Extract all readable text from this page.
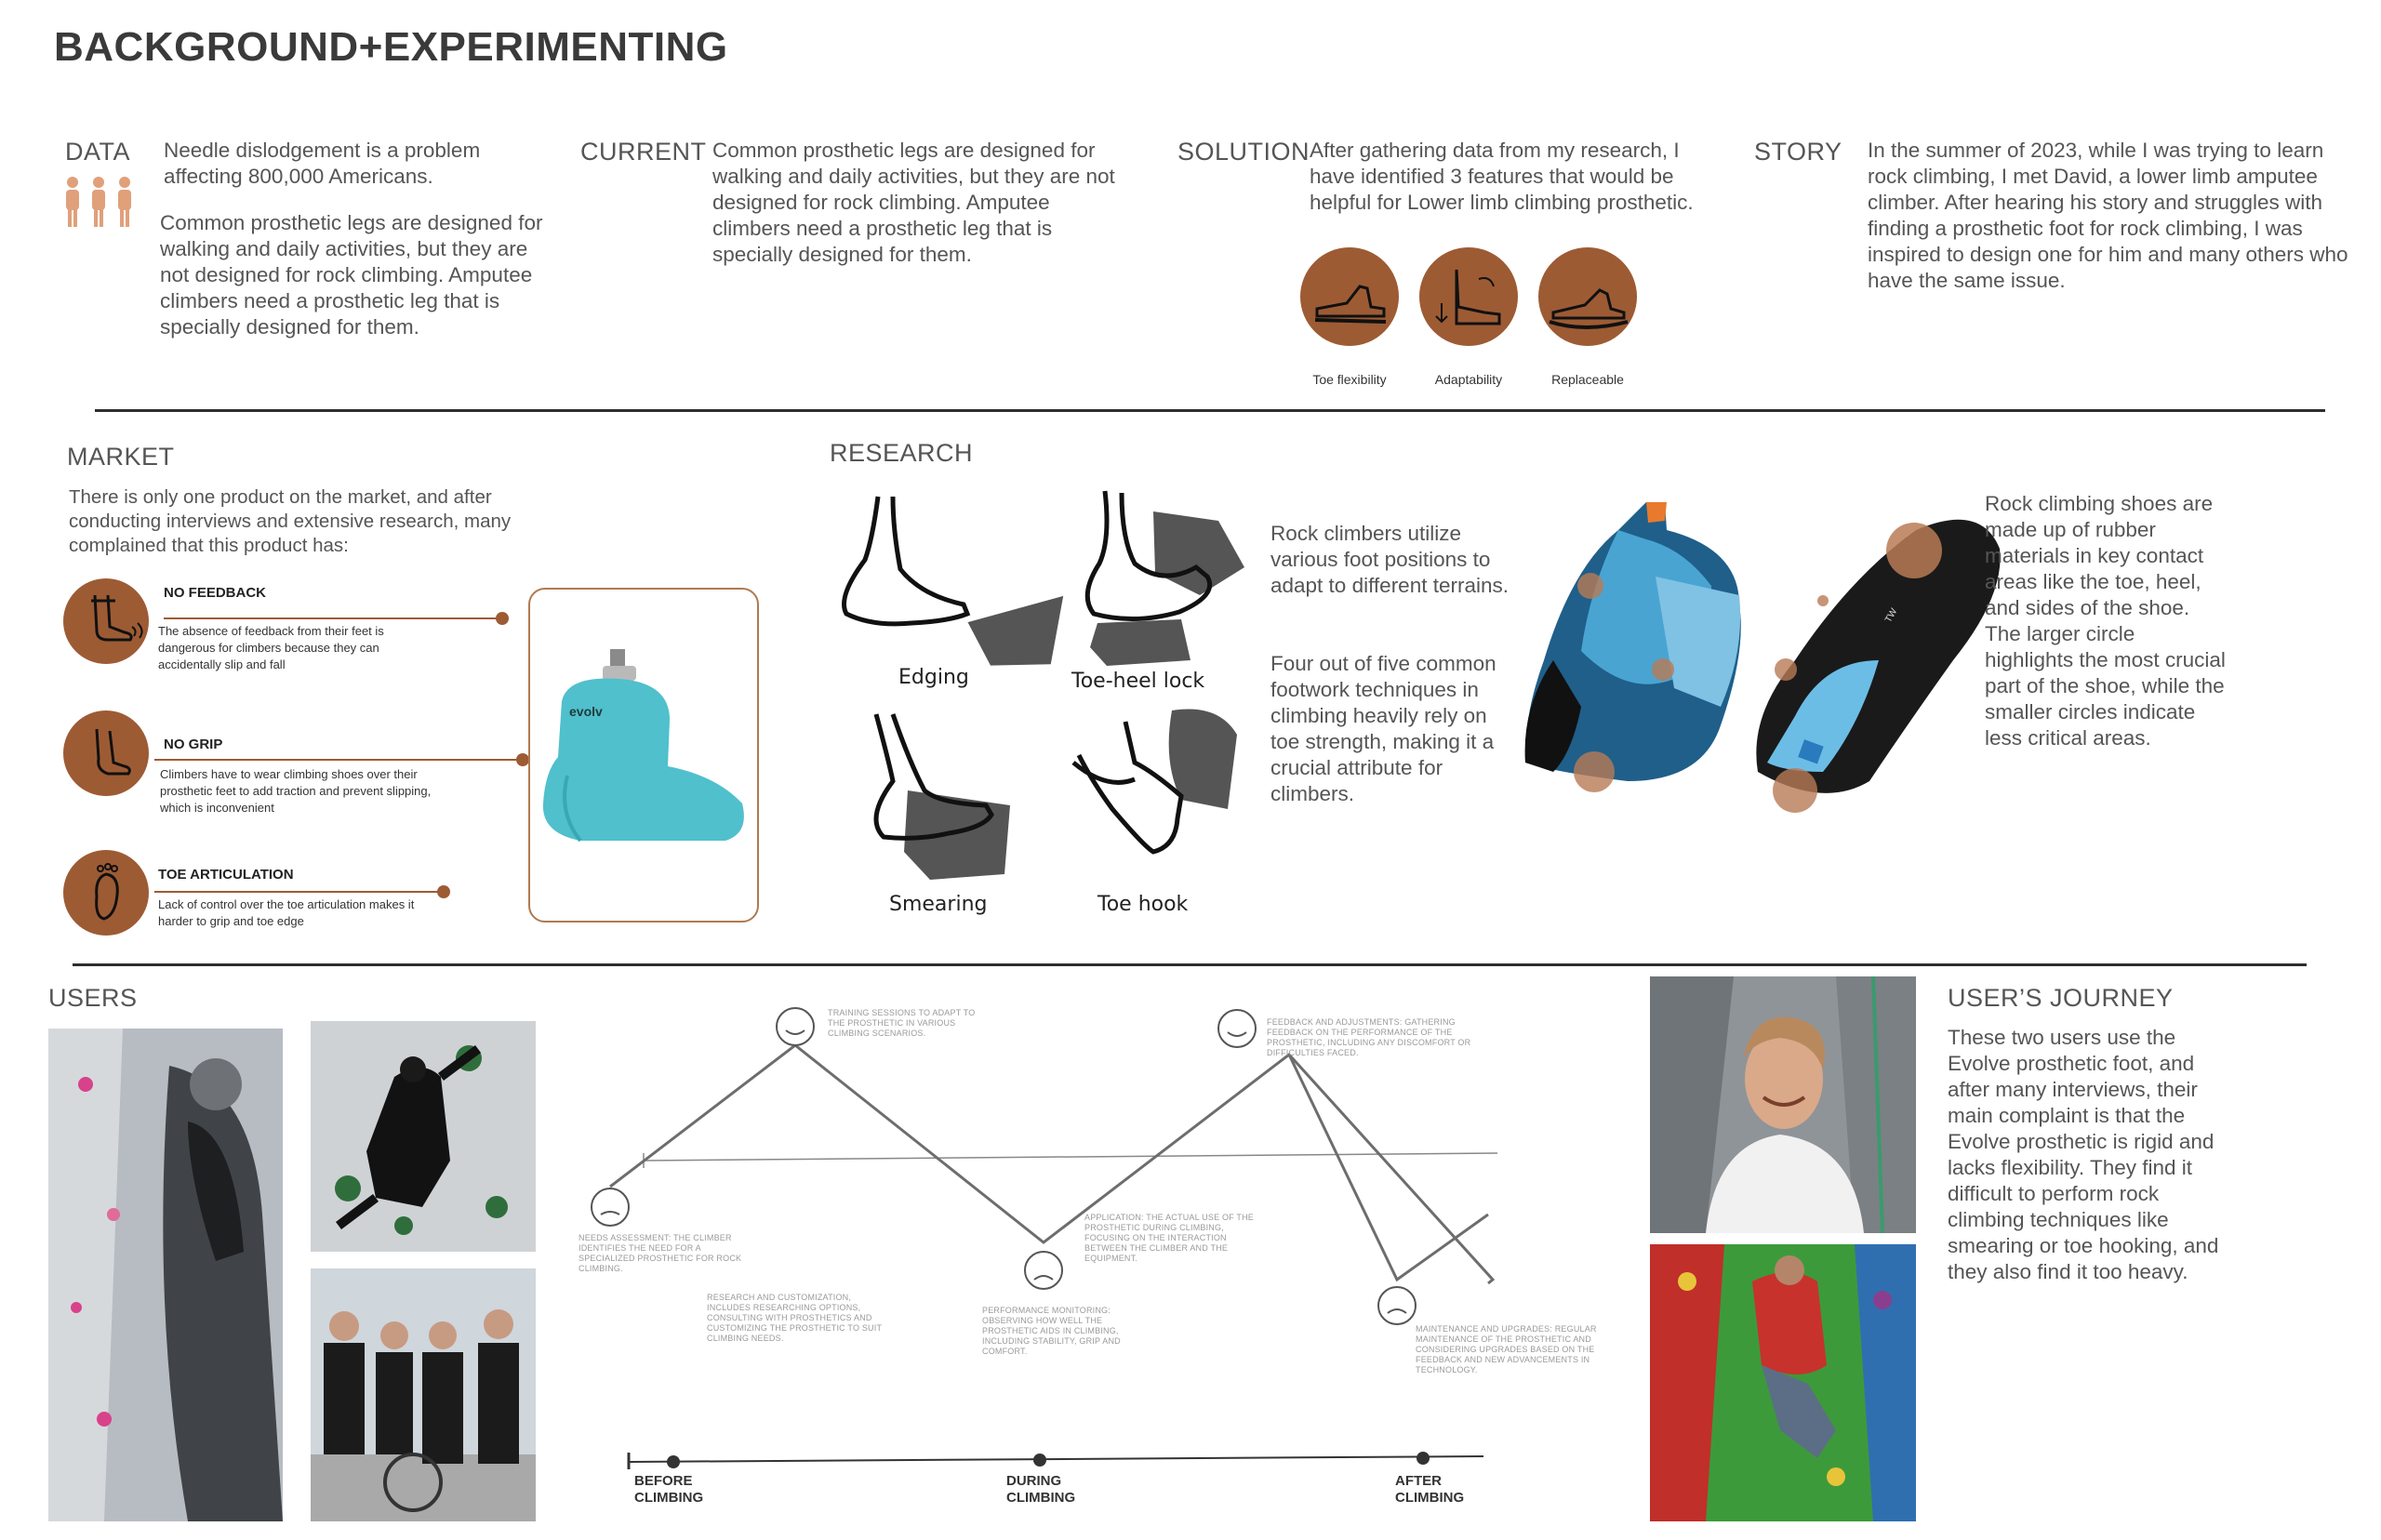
BACKGROUND+EXPERIMENTING
DATA Needle dislodgement is a problem affecting 800,000 Americans.
Common prosthetic legs are designed for walking and daily activities, but they are not designed for rock climbing. Amputee climbers need a prosthetic leg that is specially designed for them.
CURRENT Common prosthetic legs are designed for walking and daily activities, but they are not designed for rock climbing. Amputee climbers need a prosthetic leg that is specially designed for them.
SOLUTION After gathering data from my research, I have identified 3 features that would be helpful for Lower limb climbing prosthetic.
Toe flexibility	Adaptability	Replaceable
STORY In the summer of 2023, while I was trying to learn rock climbing, I met David, a lower limb amputee climber. After hearing his story and struggles with finding a prosthetic foot for rock climbing, I was inspired to design one for him and many others who have the same issue.
MARKET
There is only one product on the market, and after conducting interviews and extensive research, many complained that this product has:
NO FEEDBACK
The absence of feedback from their feet is dangerous for climbers because they can accidentally slip and fall
NO GRIP
Climbers have to wear climbing shoes over their prosthetic feet to add traction and prevent slipping, which is inconvenient
TOE ARTICULATION
Lack of control over the toe articulation makes it harder to grip and toe edge
evolv
RESEARCH
Edging	Toe-heel lock
Smearing	Toe hook
Rock climbers utilize various foot positions to adapt to different terrains.
Four out of five common footwork techniques in climbing heavily rely on toe strength, making it a crucial attribute for climbers.
TW
Rock climbing shoes are made up of rubber materials in key contact areas like the toe, heel, and sides of the shoe. The larger circle highlights the most crucial part of the shoe, while the smaller circles indicate less critical areas.
USERS
NEEDS ASSESSMENT: THE CLIMBER IDENTIFIES THE NEED FOR A SPECIALIZED PROSTHETIC FOR ROCK CLIMBING.
TRAINING SESSIONS TO ADAPT TO THE PROSTHETIC IN VARIOUS CLIMBING SCENARIOS.
RESEARCH AND CUSTOMIZATION, INCLUDES RESEARCHING OPTIONS, CONSULTING WITH PROSTHETICS AND CUSTOMIZING THE PROSTHETIC TO SUIT CLIMBING NEEDS.
APPLICATION: THE ACTUAL USE OF THE PROSTHETIC DURING CLIMBING, FOCUSING ON THE INTERACTION BETWEEN THE CLIMBER AND THE EQUIPMENT.
PERFORMANCE MONITORING: OBSERVING HOW WELL THE PROSTHETIC AIDS IN CLIMBING, INCLUDING STABILITY, GRIP AND COMFORT.
FEEDBACK AND ADJUSTMENTS: GATHERING FEEDBACK ON THE PERFORMANCE OF THE PROSTHETIC, INCLUDING ANY DISCOMFORT OR DIFFICULTIES FACED.
MAINTENANCE AND UPGRADES: REGULAR MAINTENANCE OF THE PROSTHETIC AND CONSIDERING UPGRADES BASED ON THE FEEDBACK AND NEW ADVANCEMENTS IN TECHNOLOGY.
BEFORE
CLIMBING
DURING
CLIMBING
AFTER
CLIMBING
USER’S JOURNEY
These two users use the Evolve prosthetic foot, and after many interviews, their main complaint is that the Evolve prosthetic is rigid and lacks flexibility. They find it difficult to perform rock climbing techniques like smearing or toe hooking, and they also find it too heavy.
